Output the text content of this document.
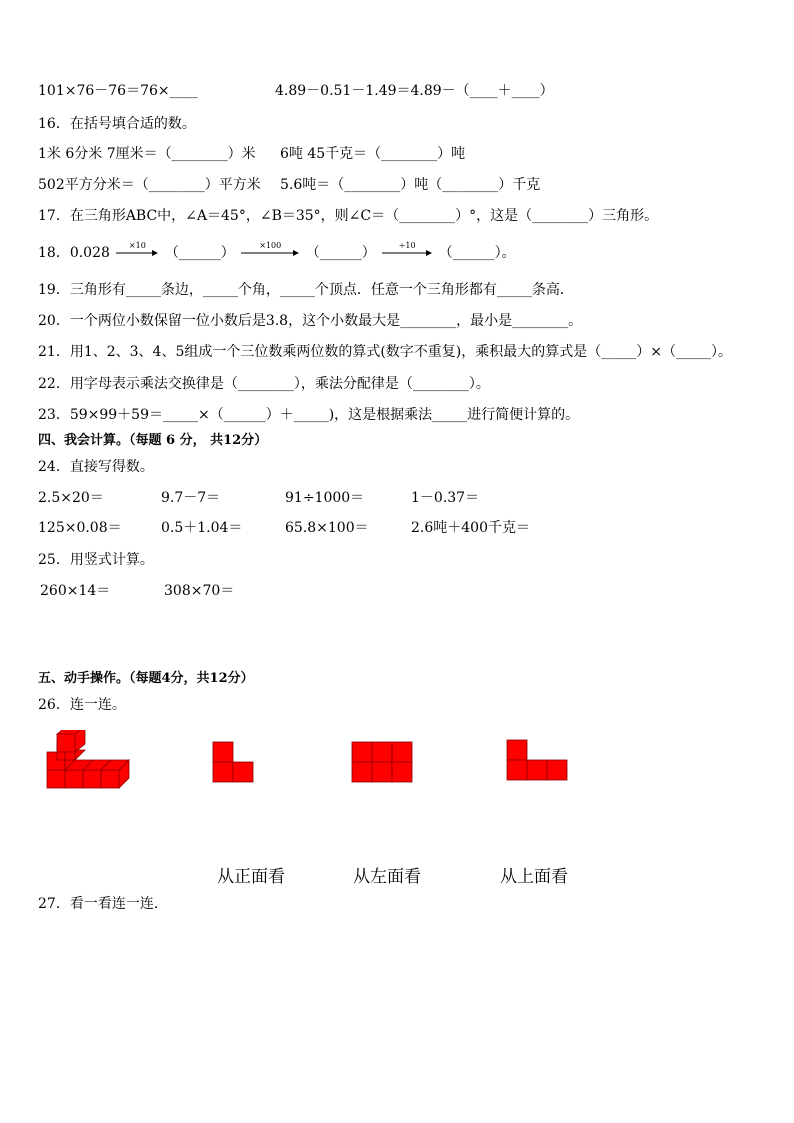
101×76－76＝76×____	4.89－0.51－1.49＝4.89－（____＋____）
16．在括号填合适的数。
1米 6分米 7厘米＝（________）米 6吨 45千克＝（________）吨
502平方分米＝（________）平方米 5.6吨＝（________）吨（________）千克
17．在三角形ABC中，∠A＝45°，∠B＝35°，则∠C＝（________）°，这是（________）三角形。
18．0.028	×10	（______）	×100	（______）	÷10	（______）。
19．三角形有_____条边，_____个角，_____个顶点．任意一个三角形都有_____条高．
20．一个两位小数保留一位小数后是3.8，这个小数最大是________，最小是________。
21．用1、2、3、4、5组成一个三位数乘两位数的算式(数字不重复)，乘积最大的算式是（_____）×（_____）。
22．用字母表示乘法交换律是（________），乘法分配律是（________）。
23．59×99＋59＝_____×（______）＋_____)，这是根据乘法_____进行简便计算的。
四、我会计算。（每题 6 分， 共12分）
24．直接写得数。
2.5×20＝	9.7－7＝	91÷1000＝	1－0.37＝
125×0.08＝	0.5＋1.04＝	65.8×100＝	2.6吨＋400千克＝
25．用竖式计算。
260×14＝	308×70＝
五、动手操作。（每题4分，共12分）
26．连一连。
从正面看	从左面看	从上面看
27．看一看连一连.
